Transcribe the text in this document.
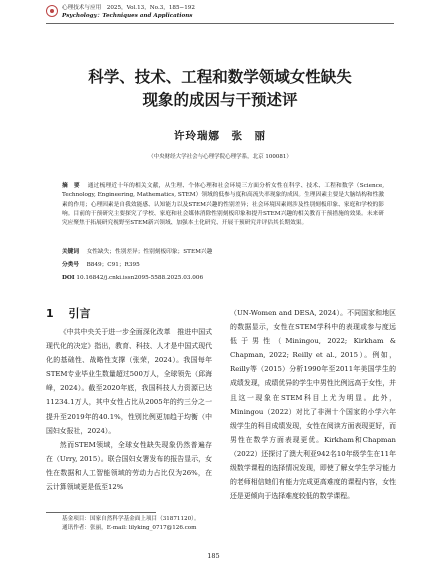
心理技术与应用　 2025，Vol.13，No.3，185−192
Psychology：Techniques and Applications
科学、技术、工程和数学领域女性缺失
现象的成因与干预述评
许玲瑞娜　张　丽
（中央财经大学社会与心理学院心理学系，北京 100081）
摘　要　 通过梳理近十年的相关文献，从生理、个体心理和社会环境三方面分析女性在科学、技术、工程和数学（Science, Technology, Engineering, Mathematics, STEM）领域的低参与度和高流失率现象的成因。生理因素主要是大脑结构和性激素的作用；心理因素是自我效能感、认知能力以及STEM兴趣的性别差异；社会环境因素则涉及性别刻板印象、家庭和学校的影响。目前的干预研究主要探究了学校、家庭和社会媒体消除性别刻板印象和提升STEM兴趣的相关教育干预措施的效果。未来研究应聚焦于拓展研究视野至STEM新兴领域、加强本土化研究、开展干预研究并评估其长期效果。
关键词　 女性缺失；性别差异；性别刻板印象；STEM兴趣
分类号　 B849；C91；R395
DOI 10.16842/j.cnki.issn2095-5588.2025.03.006
1　 引言

《中共中央关于进一步全面深化改革　推进中国式现代化的决定》指出，教育、科技、人才是中国式现代化的基础性、战略性支撑（张荣，2024）。我国每年STEM专业毕业生数量超过500万人，全球领先（邱海峰，2024）。截至2020年底，我国科技人力资源已达11234.1万人，其中女性占比从2005年的约三分之一提升至2019年的40.1%，性别比例更加趋于均衡（中国妇女报社，2024）。

然而STEM领域，全球女性缺失现象仍然普遍存在（Urry, 2015）。联合国妇女署发布的报告显示，女性在数据和人工智能领域的劳动力占比仅为26%，在云计算领域更是低至12%

（UN-Women and DESA, 2024）。不同国家和地区的数据显示，女性在STEM学科中的表现或参与度远低于男性（Miningou, 2022; Kirkham & Chapman, 2022; Reilly et al., 2015）。例如，Reilly等（2015）分析1990年至2011年美国学生的成绩发现，成绩优异的学生中男性比例远高于女性，并且这一现象在STEM科目上尤为明显。此外，Miningou（2022）对比了非洲十个国家的小学六年级学生的科目成绩发现，女性在阅读方面表现更好，而男性在数学方面表现更优。Kirkham和Chapman（2022）还探讨了澳大利亚942名10年级学生在11年级数学课程的选择情况发现，即使了解女学生学习能力的老师相信她们有能力完成更高难度的课程内容，女性还是更倾向于选择难度较低的数学课程。

基金项目：国家自然科学基金面上项目（31871120）。
通讯作者：张丽，E-mail: lilyking_0717@126.com
185
